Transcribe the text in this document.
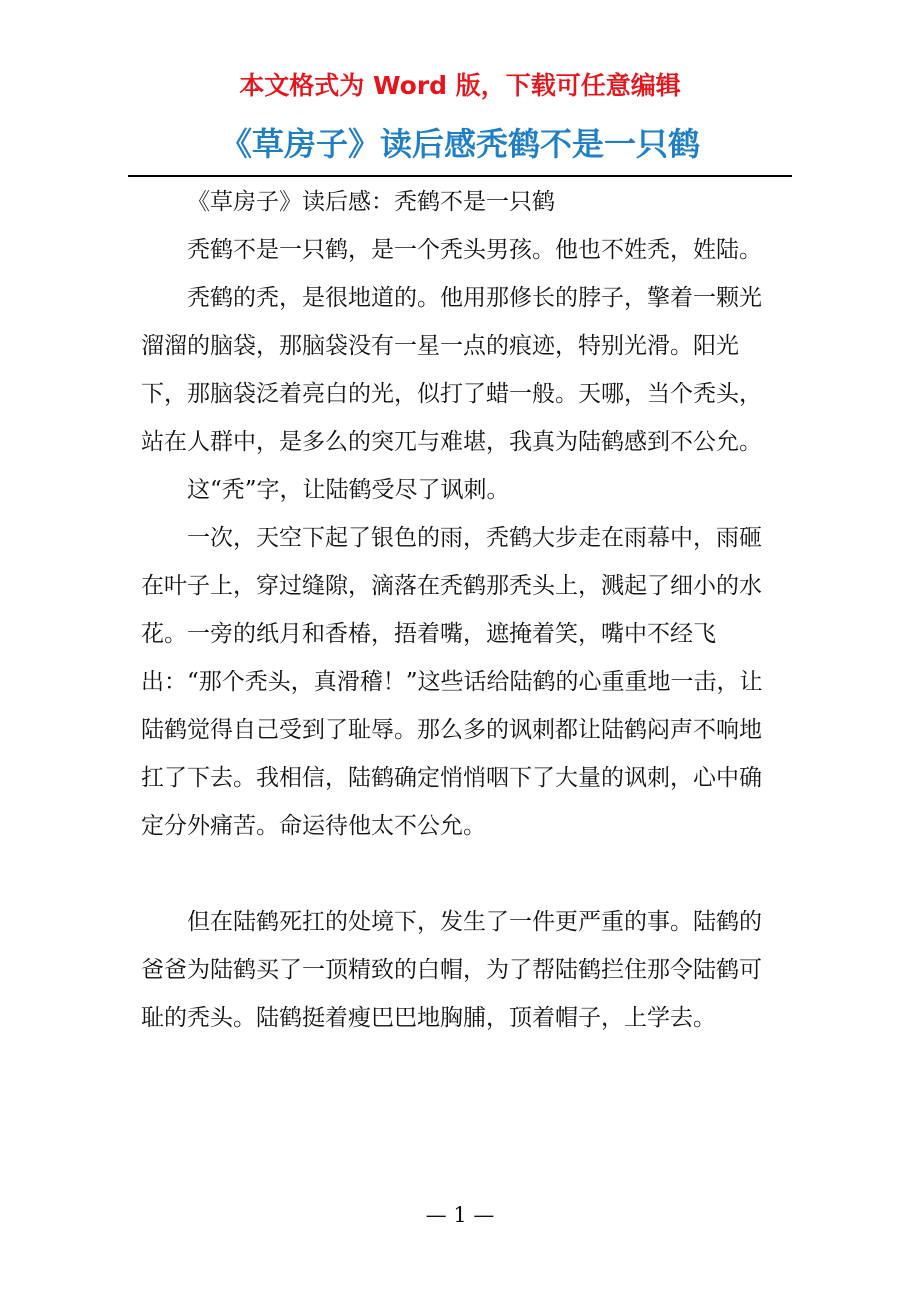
本文格式为 Word 版，下载可任意编辑
《草房子》读后感秃鹤不是一只鹤

《草房子》读后感：秃鹤不是一只鹤

秃鹤不是一只鹤，是一个秃头男孩。他也不姓秃，姓陆。

秃鹤的秃，是很地道的。他用那修长的脖子，擎着一颗光溜溜的脑袋，那脑袋没有一星一点的痕迹，特别光滑。阳光下，那脑袋泛着亮白的光，似打了蜡一般。天哪，当个秃头，站在人群中，是多么的突兀与难堪，我真为陆鹤感到不公允。

这“秃”字，让陆鹤受尽了讽刺。

一次，天空下起了银色的雨，秃鹤大步走在雨幕中，雨砸在叶子上，穿过缝隙，滴落在秃鹤那秃头上，溅起了细小的水花。一旁的纸月和香椿，捂着嘴，遮掩着笑，嘴中不经飞出：“那个秃头，真滑稽！”这些话给陆鹤的心重重地一击，让陆鹤觉得自己受到了耻辱。那么多的讽刺都让陆鹤闷声不响地扛了下去。我相信，陆鹤确定悄悄咽下了大量的讽刺，心中确定分外痛苦。命运待他太不公允。

但在陆鹤死扛的处境下，发生了一件更严重的事。陆鹤的爸爸为陆鹤买了一顶精致的白帽，为了帮陆鹤拦住那令陆鹤可耻的秃头。陆鹤挺着瘦巴巴地胸脯，顶着帽子，上学去。

— 1 —
